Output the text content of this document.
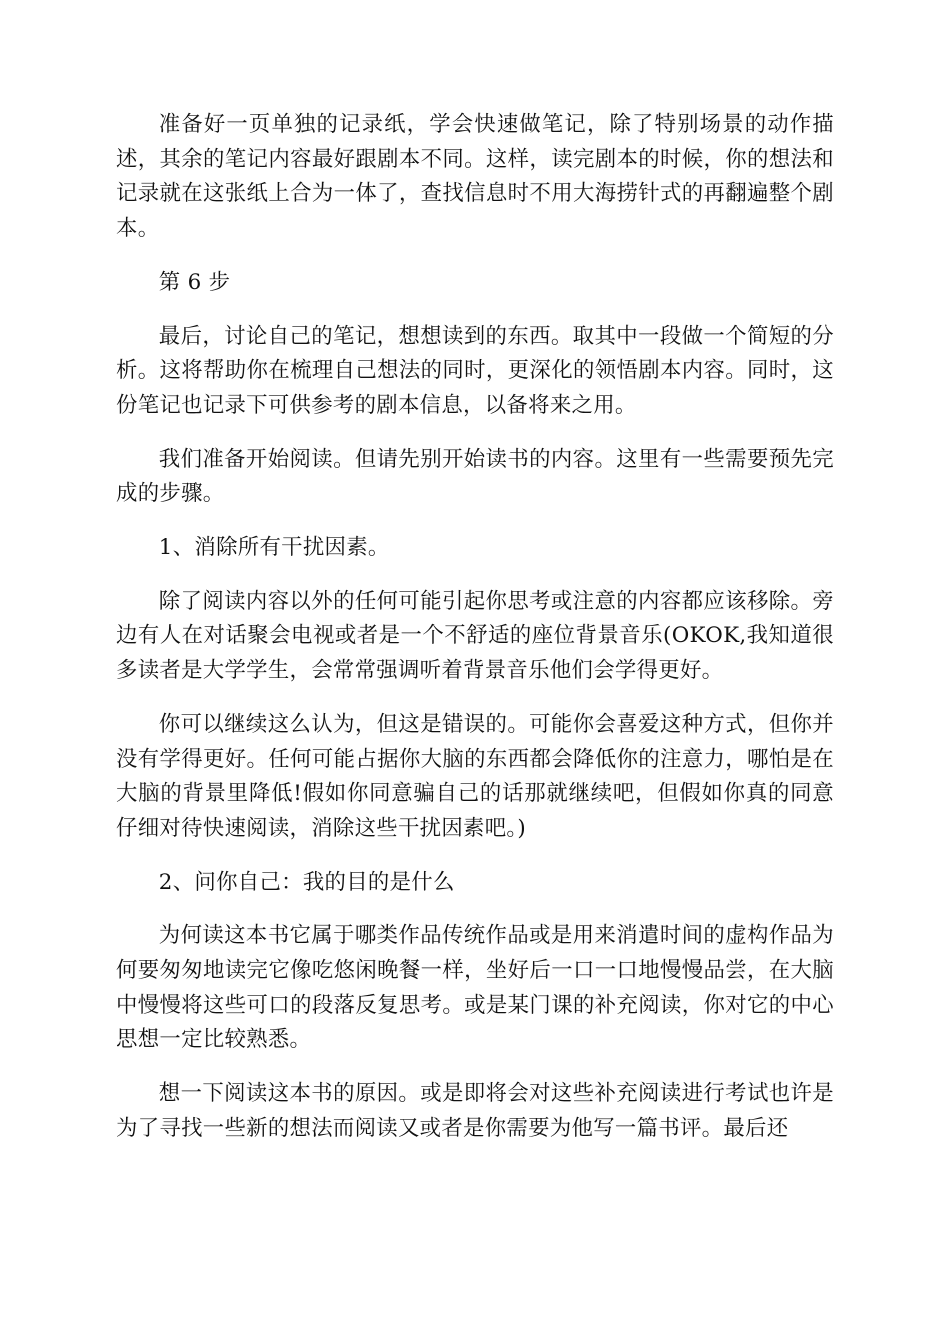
准备好一页单独的记录纸，学会快速做笔记，除了特别场景的动作描述，其余的笔记内容最好跟剧本不同。这样，读完剧本的时候，你的想法和记录就在这张纸上合为一体了，查找信息时不用大海捞针式的再翻遍整个剧本。

第 6 步

最后，讨论自己的笔记，想想读到的东西。取其中一段做一个简短的分析。这将帮助你在梳理自己想法的同时，更深化的领悟剧本内容。同时，这份笔记也记录下可供参考的剧本信息，以备将来之用。

我们准备开始阅读。但请先别开始读书的内容。这里有一些需要预先完成的步骤。

1、消除所有干扰因素。

除了阅读内容以外的任何可能引起你思考或注意的内容都应该移除。旁边有人在对话聚会电视或者是一个不舒适的座位背景音乐(OKOK,我知道很多读者是大学学生，会常常强调听着背景音乐他们会学得更好。

你可以继续这么认为，但这是错误的。可能你会喜爱这种方式，但你并没有学得更好。任何可能占据你大脑的东西都会降低你的注意力，哪怕是在大脑的背景里降低!假如你同意骗自己的话那就继续吧，但假如你真的同意仔细对待快速阅读，消除这些干扰因素吧。)

2、问你自己：我的目的是什么

为何读这本书它属于哪类作品传统作品或是用来消遣时间的虚构作品为何要匆匆地读完它像吃悠闲晚餐一样，坐好后一口一口地慢慢品尝，在大脑中慢慢将这些可口的段落反复思考。或是某门课的补充阅读，你对它的中心思想一定比较熟悉。

想一下阅读这本书的原因。或是即将会对这些补充阅读进行考试也许是为了寻找一些新的想法而阅读又或者是你需要为他写一篇书评。最后还
